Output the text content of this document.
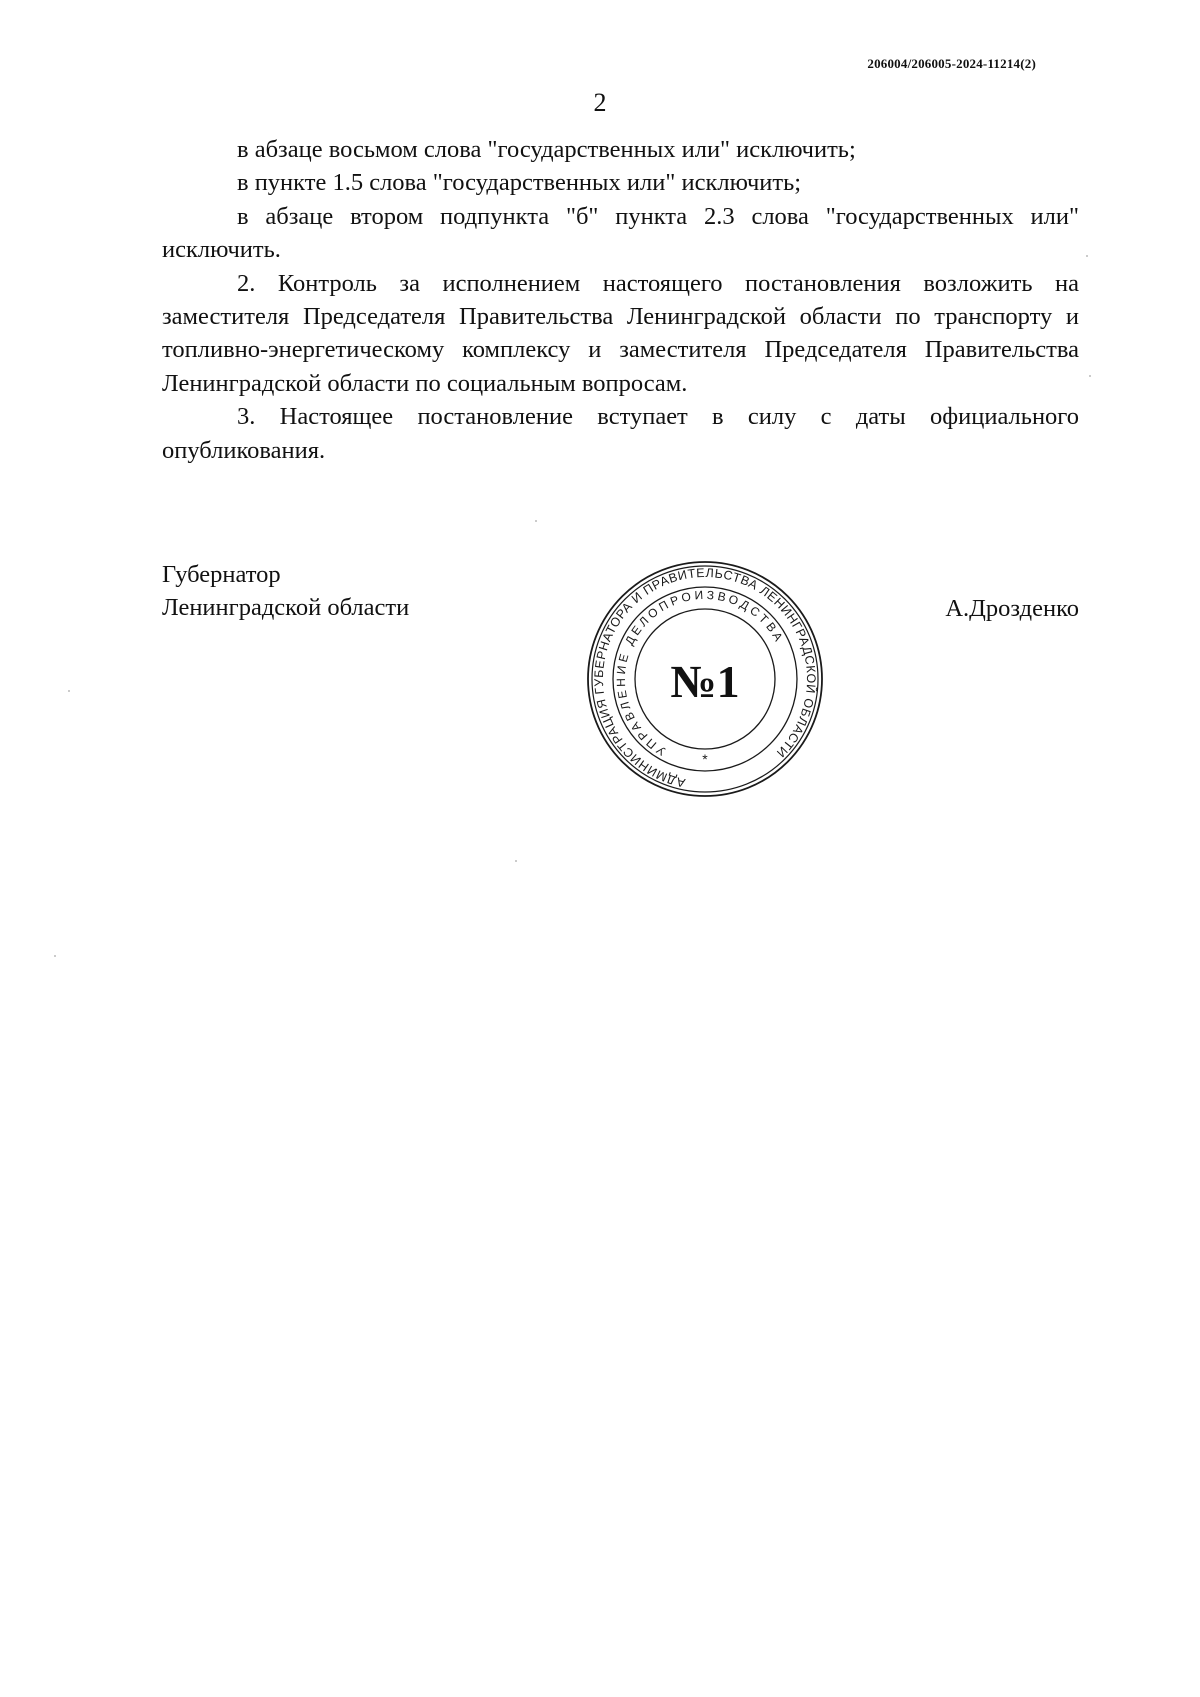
206004/206005-2024-11214(2)
2

в абзаце восьмом слова "государственных или" исключить;

в пункте 1.5 слова "государственных или" исключить;

в абзаце втором подпункта "б" пункта 2.3 слова "государственных или" исключить.

2. Контроль за исполнением настоящего постановления возложить на заместителя Председателя Правительства Ленинградской области по транспорту и топливно-энергетическому комплексу и заместителя Председателя Правительства Ленинградской области по социальным вопросам.

3. Настоящее постановление вступает в силу с даты официального опубликования.

Губернатор
Ленинградской области
АДМИНИСТРАЦИЯ ГУБЕРНАТОРА И ПРАВИТЕЛЬСТВА ЛЕНИНГРАДСКОЙ ОБЛАСТИ
УПРАВЛЕНИЕ ДЕЛОПРОИЗВОДСТВА
№1
*
А.Дрозденко
